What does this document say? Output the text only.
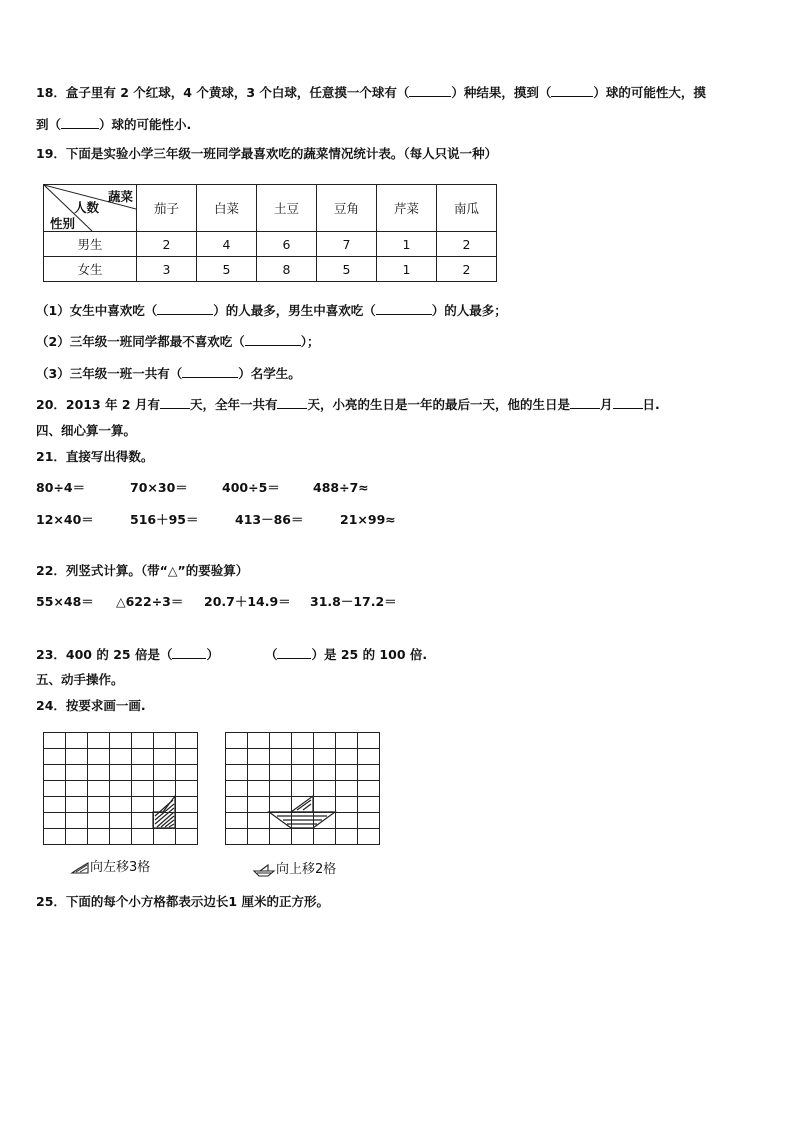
18．盒子里有 2 个红球，4 个黄球，3 个白球，任意摸一个球有（	）种结果，摸到（	）球的可能性大，摸
到（	）球的可能性小.
19．下面是实验小学三年级一班同学最喜欢吃的蔬菜情况统计表。（每人只说一种）
蔬菜
人数
性别	茄子	白菜	土豆	豆角	芹菜	南瓜
男生	2	4	6	7	1	2
女生	3	5	8	5	1	2
（1）女生中喜欢吃（	）的人最多，男生中喜欢吃（	）的人最多；
（2）三年级一班同学都最不喜欢吃（	）；
（3）三年级一班一共有（	）名学生。
20．2013 年 2 月有 天，全年一共有 天，小亮的生日是一年的最后一天，他的生日是 月 日.
四、细心算一算。
21．直接写出得数。
80÷4＝	70×30＝	400÷5＝	488÷7≈
12×40＝	516＋95＝	413－86＝	21×99≈
22．列竖式计算。（带“△”的要验算）
55×48＝ △622÷3＝ 20.7＋14.9＝ 31.8－17.2＝
23．400 的 25 倍是（	）	（	）是 25 的 100 倍.
五、动手操作。
24．按要求画一画.
向左移3格	向上移2格
25．下面的每个小方格都表示边长1 厘米的正方形。
